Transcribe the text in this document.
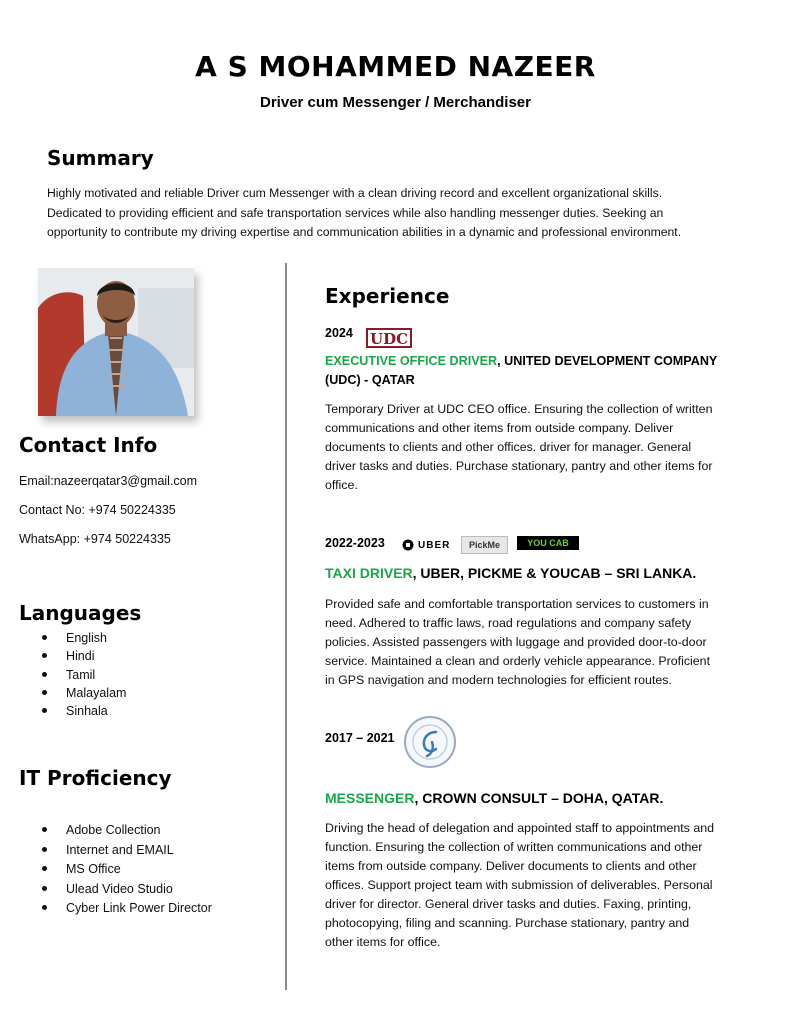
A S MOHAMMED NAZEER
Driver cum Messenger / Merchandiser
Summary
Highly motivated and reliable Driver cum Messenger with a clean driving record and excellent organizational skills.
Dedicated to providing efficient and safe transportation services while also handling messenger duties. Seeking an
opportunity to contribute my driving expertise and communication abilities in a dynamic and professional environment.
Contact Info
Email:nazeerqatar3@gmail.com
Contact No: +974 50224335
WhatsApp: +974 50224335
Languages
English
Hindi
Tamil
Malayalam
Sinhala
IT Proficiency
Adobe Collection
Internet and EMAIL
MS Office
Ulead Video Studio
Cyber Link Power Director
Experience
2024 UDC
EXECUTIVE OFFICE DRIVER, UNITED DEVELOPMENT COMPANY (UDC) - QATAR
Temporary Driver at UDC CEO office. Ensuring the collection of written
communications and other items from outside company. Deliver
documents to clients and other offices. driver for manager. General
driver tasks and duties. Purchase stationary, pantry and other items for
office.
2022-2023	UBER	PickMe	YOU CAB
TAXI DRIVER, UBER, PICKME & YOUCAB – SRI LANKA.
Provided safe and comfortable transportation services to customers in
need. Adhered to traffic laws, road regulations and company safety
policies. Assisted passengers with luggage and provided door-to-door
service. Maintained a clean and orderly vehicle appearance. Proficient
in GPS navigation and modern technologies for efficient routes.
2017 – 2021
MESSENGER, CROWN CONSULT – DOHA, QATAR.
Driving the head of delegation and appointed staff to appointments and
function. Ensuring the collection of written communications and other
items from outside company. Deliver documents to clients and other
offices. Support project team with submission of deliverables. Personal
driver for director. General driver tasks and duties. Faxing, printing,
photocopying, filing and scanning. Purchase stationary, pantry and
other items for office.
